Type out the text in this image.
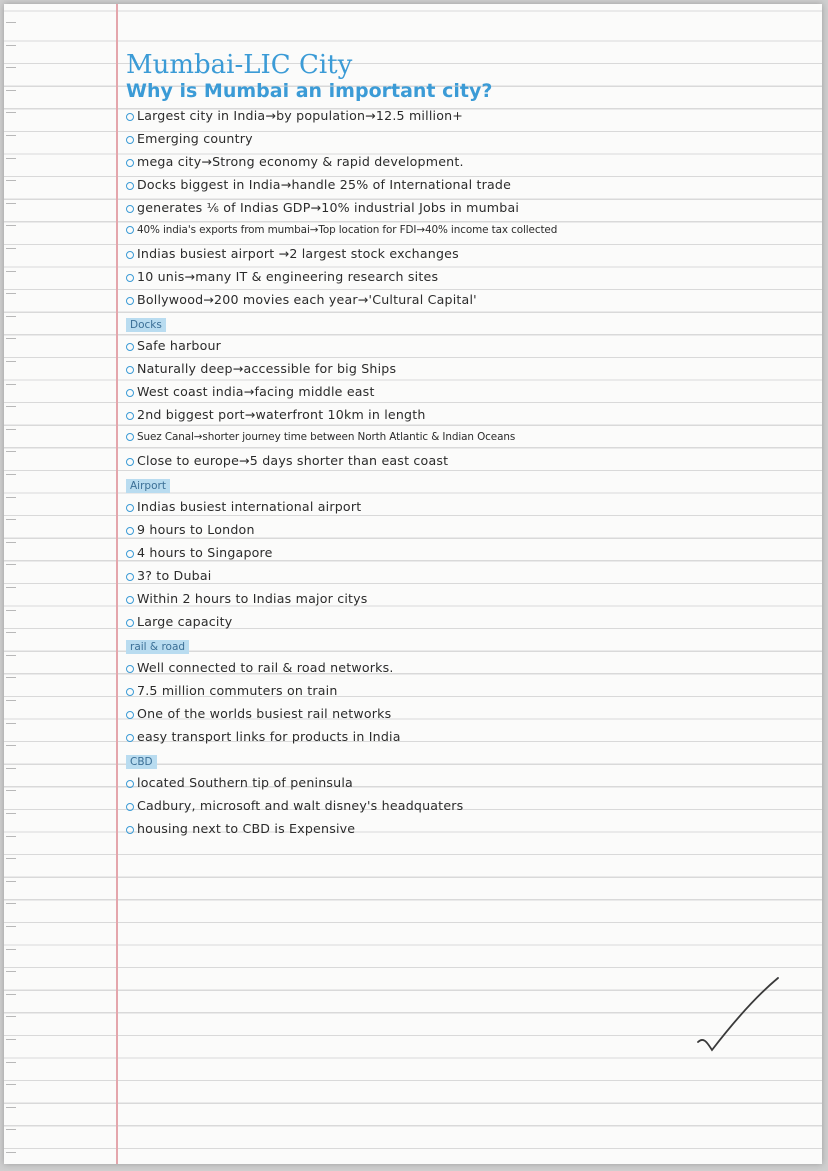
Mumbai-LIC City
Why is Mumbai an important city?
Largest city in India→by population→12.5 million+
Emerging country
mega city→Strong economy & rapid development.
Docks biggest in India→handle 25% of International trade
generates ⅙ of Indias GDP→10% industrial Jobs in mumbai
40% india's exports from mumbai→Top location for FDI→40% income tax collected
Indias busiest airport →2 largest stock exchanges
10 unis→many IT & engineering research sites
Bollywood→200 movies each year→'Cultural Capital'
Docks
Safe harbour
Naturally deep→accessible for big Ships
West coast india→facing middle east
2nd biggest port→waterfront 10km in length
Suez Canal→shorter journey time between North Atlantic & Indian Oceans
Close to europe→5 days shorter than east coast
Airport
Indias busiest international airport
9 hours to London
4 hours to Singapore
3? to Dubai
Within 2 hours to Indias major citys
Large capacity
rail & road
Well connected to rail & road networks.
7.5 million commuters on train
One of the worlds busiest rail networks
easy transport links for products in India
CBD
located Southern tip of peninsula
Cadbury, microsoft and walt disney's headquaters
housing next to CBD is Expensive
